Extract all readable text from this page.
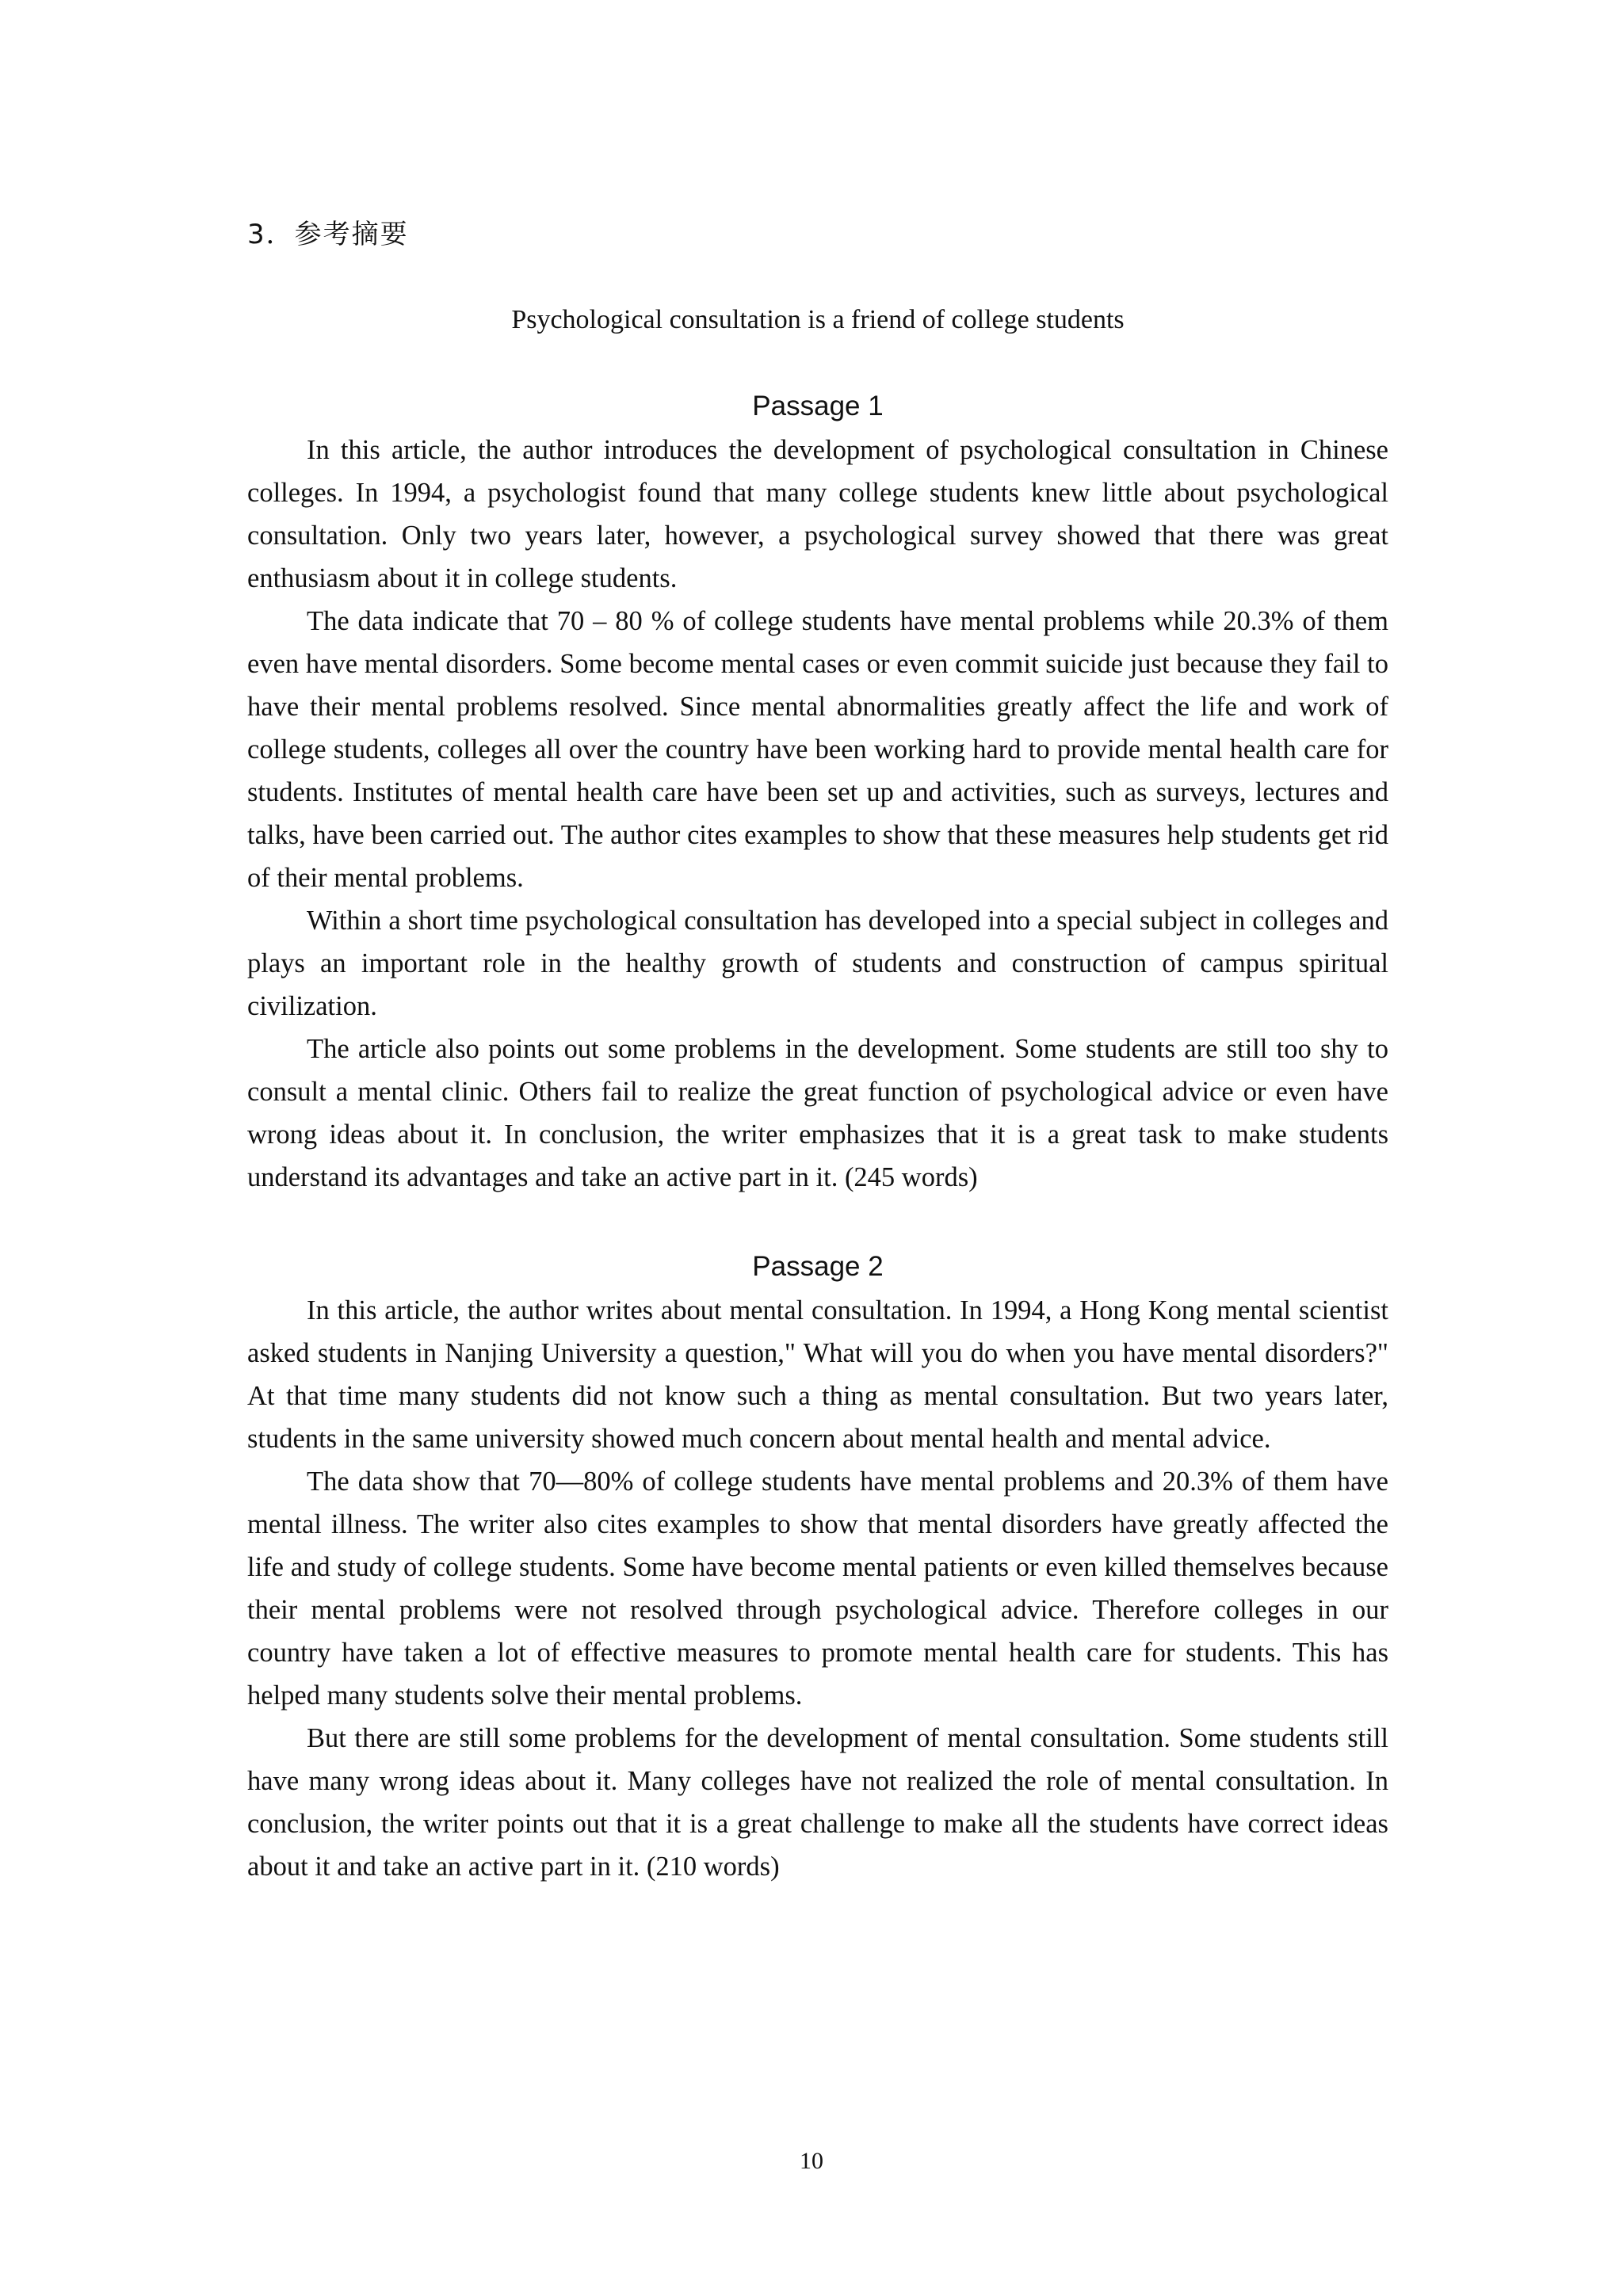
3．参考摘要
Psychological consultation is a friend of college students
Passage 1

In this article, the author introduces the development of psychological consultation in Chinese colleges. In 1994, a psychologist found that many college students knew little about psychological consultation. Only two years later, however, a psychological survey showed that there was great enthusiasm about it in college students.

The data indicate that 70 – 80 % of college students have mental problems while 20.3% of them even have mental disorders. Some become mental cases or even commit suicide just because they fail to have their mental problems resolved. Since mental abnormalities greatly affect the life and work of college students, colleges all over the country have been working hard to provide mental health care for students. Institutes of mental health care have been set up and activities, such as surveys, lectures and talks, have been carried out. The author cites examples to show that these measures help students get rid of their mental problems.

Within a short time psychological consultation has developed into a special subject in colleges and plays an important role in the healthy growth of students and construction of campus spiritual civilization.

The article also points out some problems in the development. Some students are still too shy to consult a mental clinic. Others fail to realize the great function of psychological advice or even have wrong ideas about it. In conclusion, the writer emphasizes that it is a great task to make students understand its advantages and take an active part in it. (245 words)

Passage 2

In this article, the author writes about mental consultation. In 1994, a Hong Kong mental scientist asked students in Nanjing University a question," What will you do when you have mental disorders?" At that time many students did not know such a thing as mental consultation. But two years later, students in the same university showed much concern about mental health and mental advice.

The data show that 70—80% of college students have mental problems and 20.3% of them have mental illness. The writer also cites examples to show that mental disorders have greatly affected the life and study of college students. Some have become mental patients or even killed themselves because their mental problems were not resolved through psychological advice. Therefore colleges in our country have taken a lot of effective measures to promote mental health care for students. This has helped many students solve their mental problems.

But there are still some problems for the development of mental consultation. Some students still have many wrong ideas about it. Many colleges have not realized the role of mental consultation. In conclusion, the writer points out that it is a great challenge to make all the students have correct ideas about it and take an active part in it. (210 words)

10
